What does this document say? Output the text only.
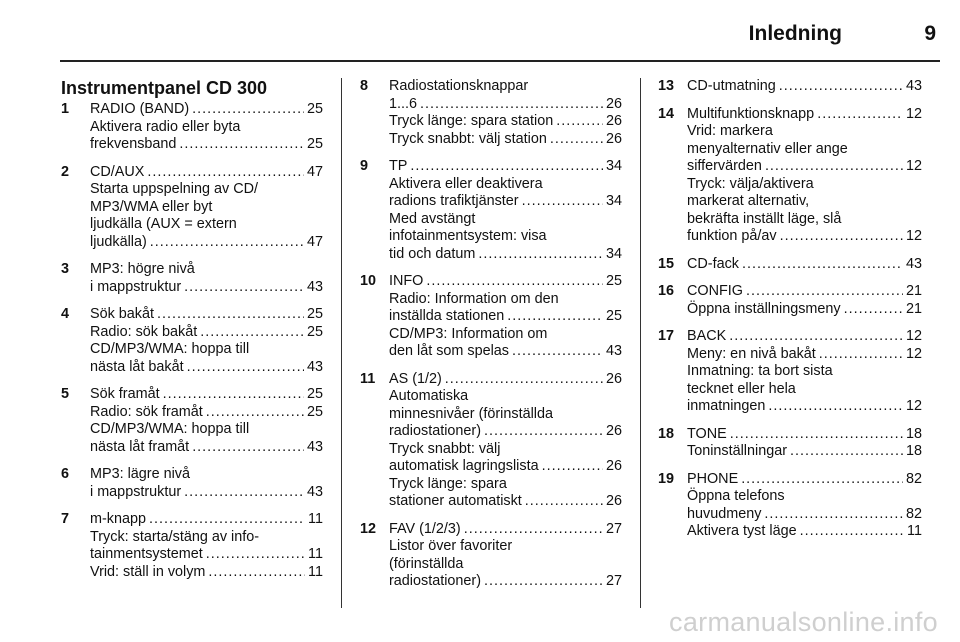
Inledning	9
Instrumentpanel CD 300
1	RADIO (BAND) .....	25
Aktivera radio eller byta
frekvensband .....	25
2	CD/AUX .....	47
Starta uppspelning av CD/
MP3/WMA eller byt
ljudkälla (AUX = extern
ljudkälla) .....	47
3	MP3: högre nivå
i mappstruktur .....	43
4	Sök bakåt .....	25
Radio: sök bakåt .....	25
CD/MP3/WMA: hoppa till
nästa låt bakåt .....	43
5	Sök framåt .....	25
Radio: sök framåt .....	25
CD/MP3/WMA: hoppa till
nästa låt framåt .....	43
6	MP3: lägre nivå
i mappstruktur .....	43
7	m-knapp .....	11
Tryck: starta/stäng av info-
tainmentsystemet .....	11
Vrid: ställ in volym .....	11
8	Radiostationsknappar
1...6 .....	26
Tryck länge: spara station .....	26
Tryck snabbt: välj station .....	26
9	TP .....	34
Aktivera eller deaktivera
radions trafiktjänster .....	34
Med avstängt
infotainmentsystem: visa
tid och datum .....	34
10 INFO .....	25
Radio: Information om den
inställda stationen .....	25
CD/MP3: Information om
den låt som spelas .....	43
11 AS (1/2) .....	26
Automatiska
minnesnivåer (förinställda
radiostationer) .....	26
Tryck snabbt: välj
automatisk lagringslista .....	26
Tryck länge: spara
stationer automatiskt .....	26
12 FAV (1/2/3) .....	27
Listor över favoriter
(förinställda
radiostationer) .....	27
13 CD-utmatning .....	43
14 Multifunktionsknapp .....	12
Vrid: markera
menyalternativ eller ange
siffervärden .....	12
Tryck: välja/aktivera
markerat alternativ,
bekräfta inställt läge, slå
funktion på/av .....	12
15 CD-fack .....	43
16 CONFIG .....	21
Öppna inställningsmeny .....	21
17 BACK .....	12
Meny: en nivå bakåt .....	12
Inmatning: ta bort sista
tecknet eller hela
inmatningen .....	12
18 TONE .....	18
Toninställningar .....	18
19 PHONE .....	82
Öppna telefons
huvudmeny .....	82
Aktivera tyst läge .....	11
carmanualsonline.info
